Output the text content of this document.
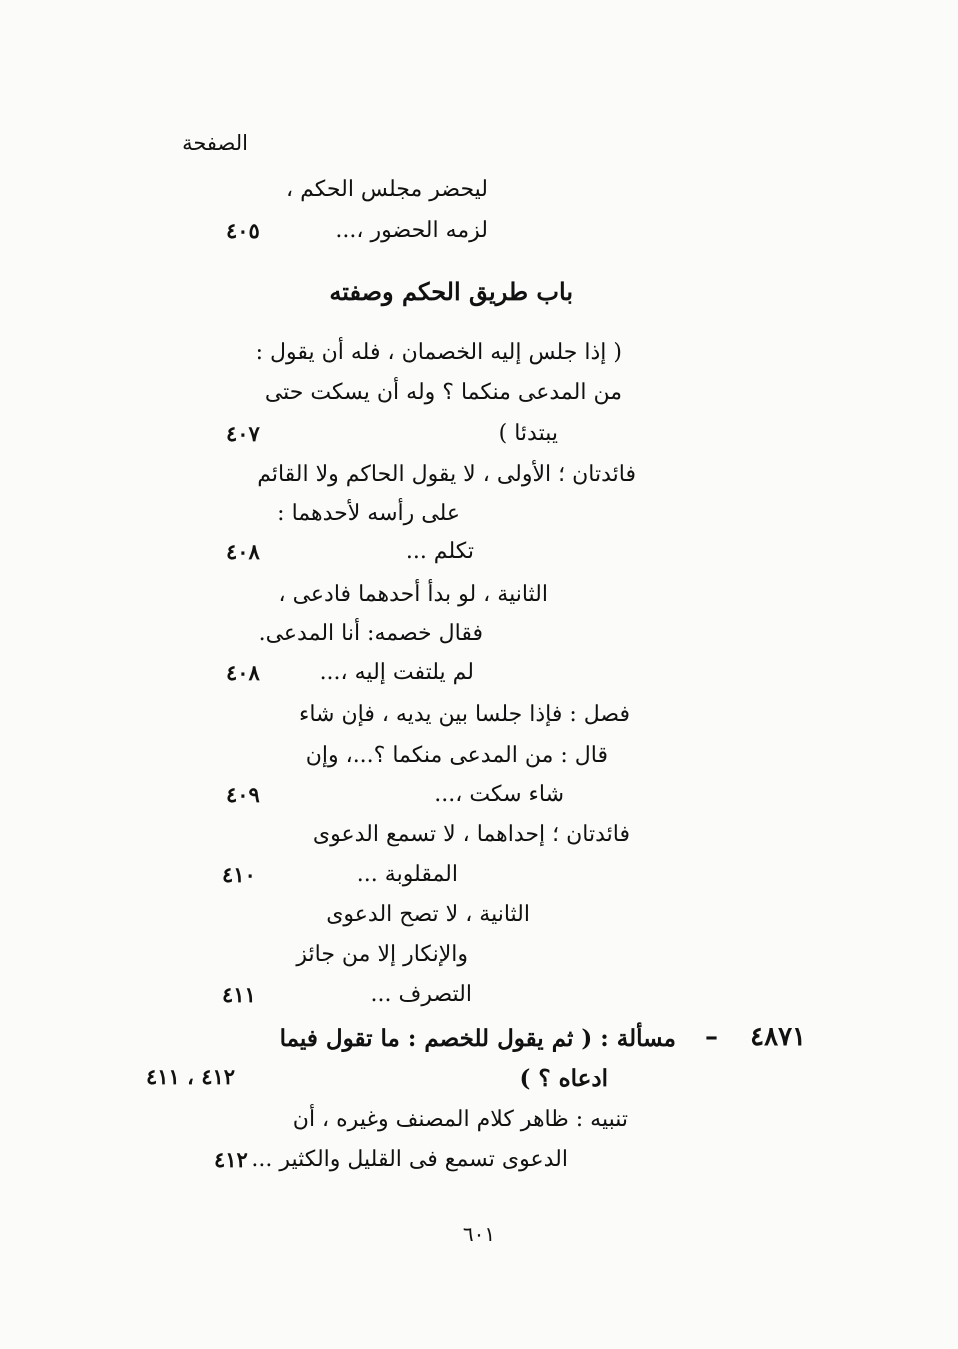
الصفحة
ليحضر مجلس الحكم ،
لزمه الحضور ،...
٤٠٥
باب طريق الحكم وصفته
( إذا جلس إليه الخصمان ، فله أن يقول :
من المدعى منكما ؟ وله أن يسكت حتى
يبتدئا )
٤٠٧
فائدتان ؛ الأولى ، لا يقول الحاكم ولا القائم
على رأسه لأحدهما :
تكلم ...
٤٠٨
الثانية ، لو بدأ أحدهما فادعى ،
فقال خصمه: أنا المدعى.
لم يلتفت إليه ،...
٤٠٨
فصل : فإذا جلسا بين يديه ، فإن شاء
قال : من المدعى منكما ؟...، وإن
شاء سكت ،...
٤٠٩
فائدتان ؛ إحداهما ، لا تسمع الدعوى
المقلوبة ...
٤١٠
الثانية ، لا تصح الدعوى
والإنكار إلا من جائز
التصرف ...
٤١١
٤٨٧١
–
مسألة : ( ثم يقول للخصم : ما تقول فيما
ادعاه ؟ )
٤١٢ ، ٤١١
تنبيه : ظاهر كلام المصنف وغيره ، أن
الدعوى تسمع فى القليل والكثير ...
٤١٢
٦٠١
